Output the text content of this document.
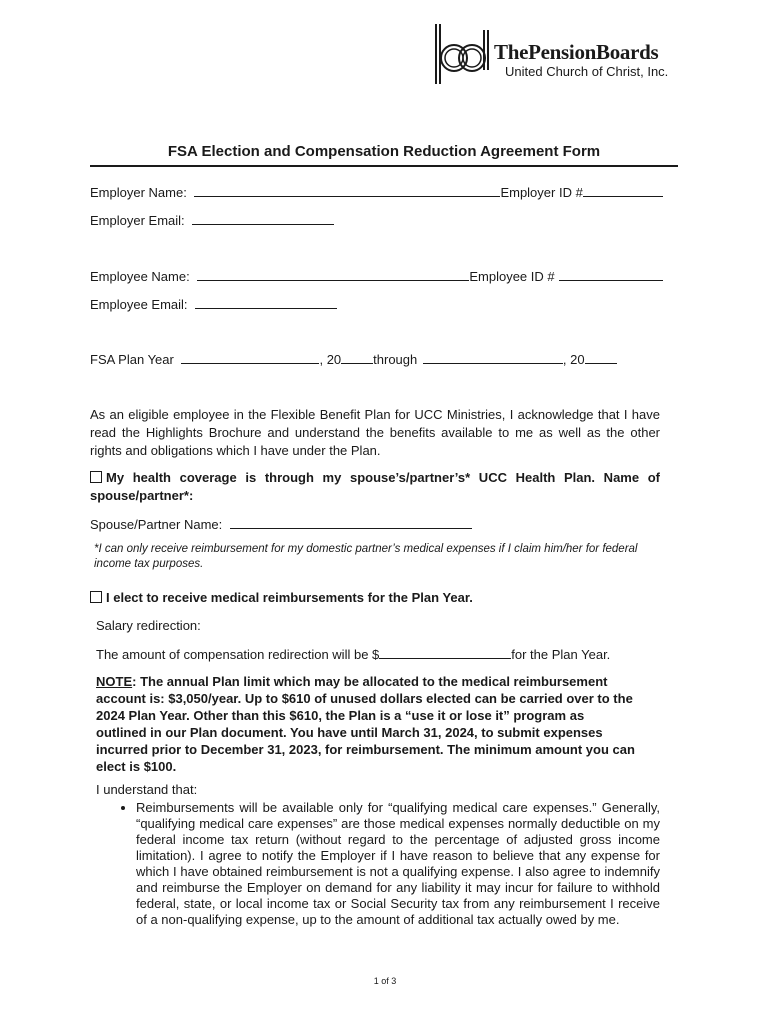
ThePensionBoards
United Church of Christ, Inc.
FSA Election and Compensation Reduction Agreement Form
Employer Name:	Employer ID #
Employer Email:
Employee Name:	Employee ID #
Employee Email:
FSA Plan Year	, 20 through	, 20
As an eligible employee in the Flexible Benefit Plan for UCC Ministries, I acknowledge that I have read the Highlights Brochure and understand the benefits available to me as well as the other rights and obligations which I have under the Plan.
My health coverage is through my spouse’s/partner’s* UCC Health Plan. Name of spouse/partner*:
Spouse/Partner Name:
*I can only receive reimbursement for my domestic partner’s medical expenses if I claim him/her for federal income tax purposes.
I elect to receive medical reimbursements for the Plan Year.
Salary redirection:
The amount of compensation redirection will be $	for the Plan Year.
NOTE: The annual Plan limit which may be allocated to the medical reimbursement account is: $3,050/year. Up to $610 of unused dollars elected can be carried over to the 2024 Plan Year. Other than this $610, the Plan is a “use it or lose it” program as outlined in our Plan document. You have until March 31, 2024, to submit expenses incurred prior to December 31, 2023, for reimbursement. The minimum amount you can elect is $100.
I understand that:
• Reimbursements will be available only for “qualifying medical care expenses.” Generally, “qualifying medical care expenses” are those medical expenses normally deductible on my federal income tax return (without regard to the percentage of adjusted gross income limitation). I agree to notify the Employer if I have reason to believe that any expense for which I have obtained reimbursement is not a qualifying expense. I also agree to indemnify and reimburse the Employer on demand for any liability it may incur for failure to withhold federal, state, or local income tax or Social Security tax from any reimbursement I receive of a non-qualifying expense, up to the amount of additional tax actually owed by me.
1 of 3
